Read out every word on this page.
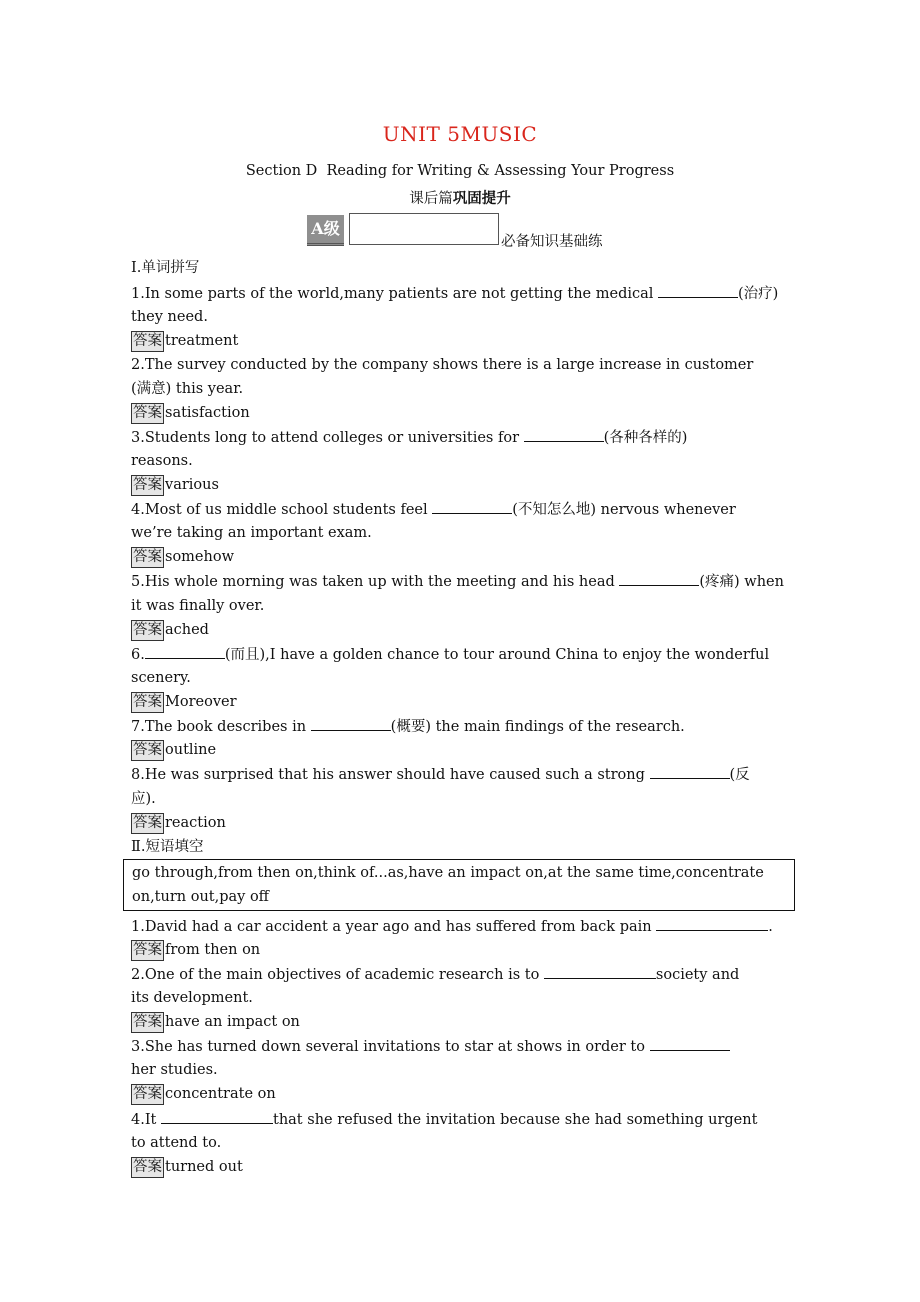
UNIT 5MUSIC
Section D  Reading for Writing & Assessing Your Progress
课后篇巩固提升
A级
必备知识基础练
Ⅰ.单词拼写
1.In some parts of the world,many patients are not getting the medical	(治疗)
they need.
答案 treatment
2.The survey conducted by the company shows there is a large increase in customer
(满意) this year.
答案 satisfaction
3.Students long to attend colleges or universities for	(各种各样的)
reasons.
答案 various
4.Most of us middle school students feel	(不知怎么地) nervous whenever
we’re taking an important exam.
答案 somehow
5.His whole morning was taken up with the meeting and his head	(疼痛) when
it was finally over.
答案 ached
6.	(而且),I have a golden chance to tour around China to enjoy the wonderful
scenery.
答案 Moreover
7.The book describes in	(概要) the main findings of the research.
答案 outline
8.He was surprised that his answer should have caused such a strong	(反
应).
答案 reaction
Ⅱ.短语填空
go through,from then on,think of...as,have an impact on,at the same time,concentrate
on,turn out,pay off
1.David had a car accident a year ago and has suffered from back pain	.
答案 from then on
2.One of the main objectives of academic research is to	society and
its development.
答案 have an impact on
3.She has turned down several invitations to star at shows in order to
her studies.
答案 concentrate on
4.It	that she refused the invitation because she had something urgent
to attend to.
答案 turned out
